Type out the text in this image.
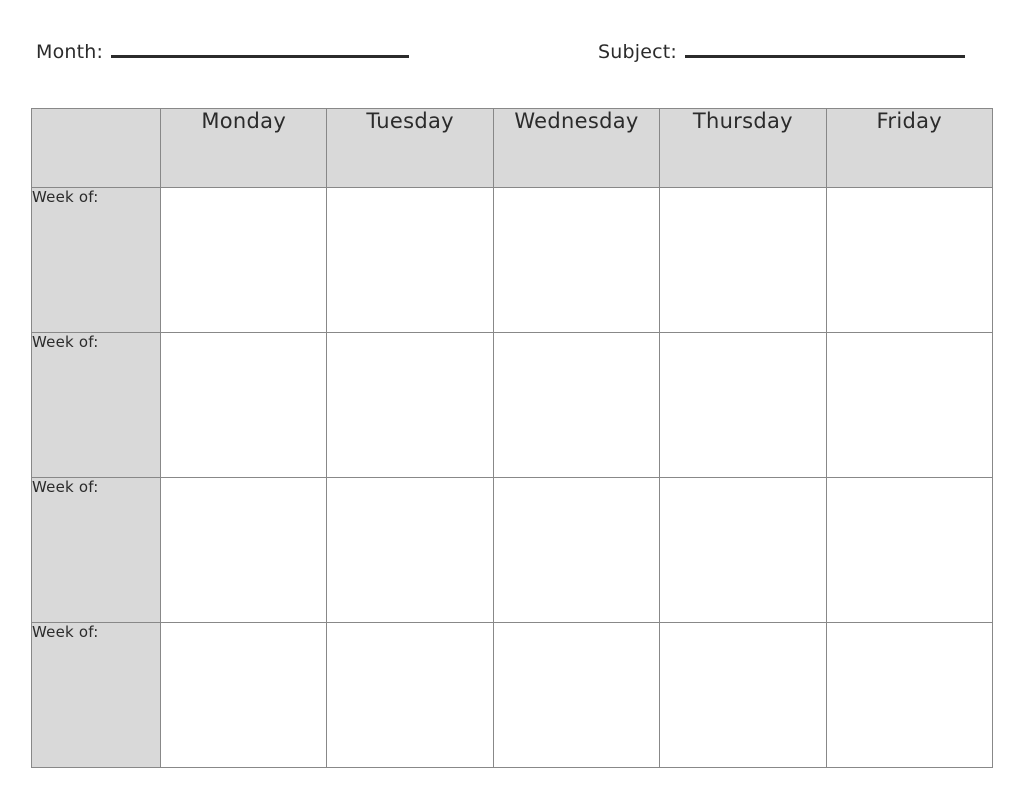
Month:	Subject:
	Monday	Tuesday	Wednesday	Thursday	Friday
Week of:					
Week of:					
Week of:					
Week of:					
